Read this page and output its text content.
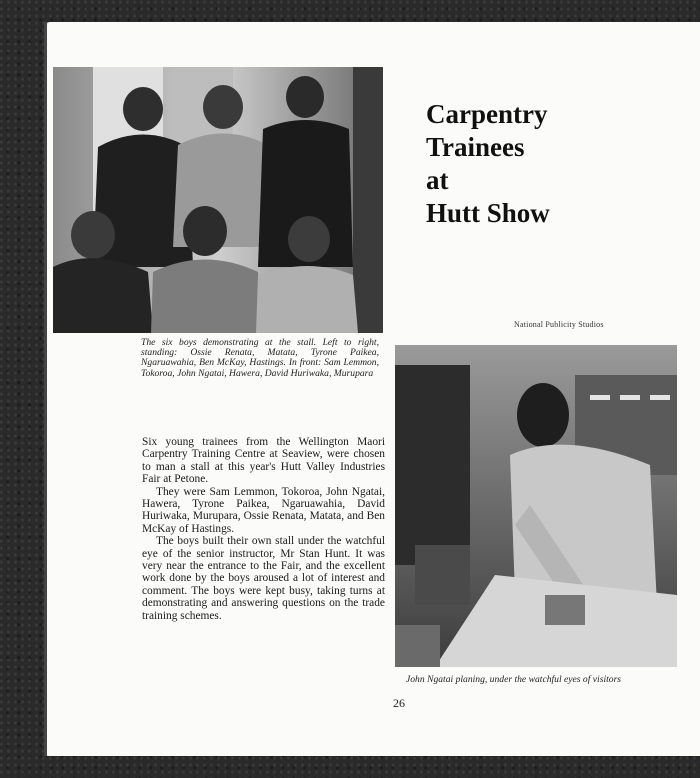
The six boys demonstrating at the stall. Left to right, standing: Ossie Renata, Matata, Tyrone Paikea, Ngaruawahia, Ben McKay, Hastings. In front: Sam Lemmon, Tokoroa, John Ngatai, Hawera, David Huriwaka, Murupara
Carpentry
Trainees
at
Hutt Show
National Publicity Studios
John Ngatai planing, under the watchful eyes of visitors

Six young trainees from the Wellington Maori Carpentry Training Centre at Seaview, were chosen to man a stall at this year's Hutt Valley Industries Fair at Petone.

They were Sam Lemmon, Tokoroa, John Ngatai, Hawera, Tyrone Paikea, Ngaruawahia, David Huriwaka, Murupara, Ossie Renata, Matata, and Ben McKay of Hastings.

The boys built their own stall under the watchful eye of the senior instructor, Mr Stan Hunt. It was very near the entrance to the Fair, and the excellent work done by the boys aroused a lot of interest and comment. The boys were kept busy, taking turns at demonstrating and answering questions on the trade training schemes.

26
